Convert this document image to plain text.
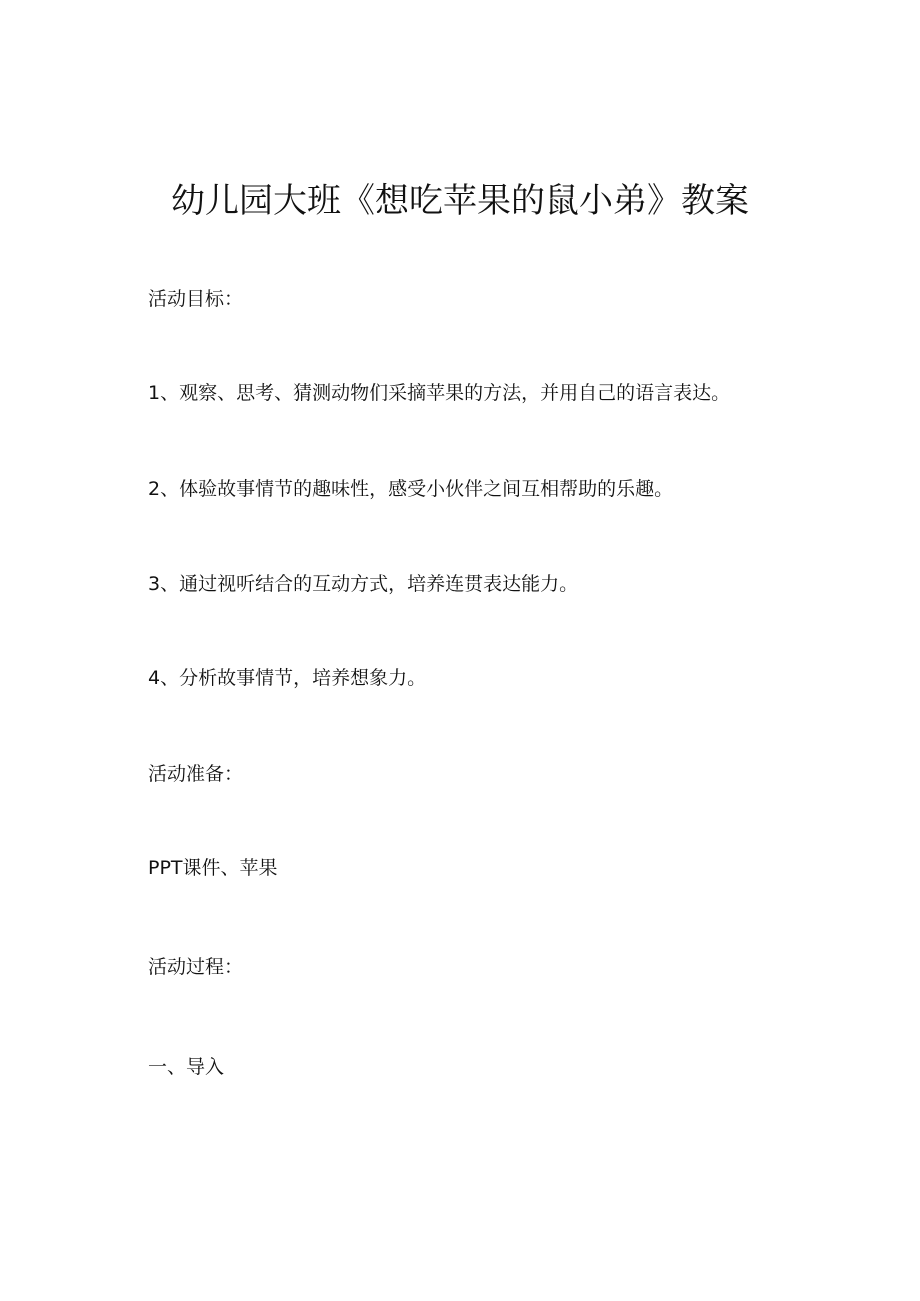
幼儿园大班《想吃苹果的鼠小弟》教案

活动目标：

1、观察、思考、猜测动物们采摘苹果的方法，并用自己的语言表达。

2、体验故事情节的趣味性，感受小伙伴之间互相帮助的乐趣。

3、通过视听结合的互动方式，培养连贯表达能力。

4、分析故事情节，培养想象力。

活动准备：

PPT课件、苹果

活动过程：

一、导入
